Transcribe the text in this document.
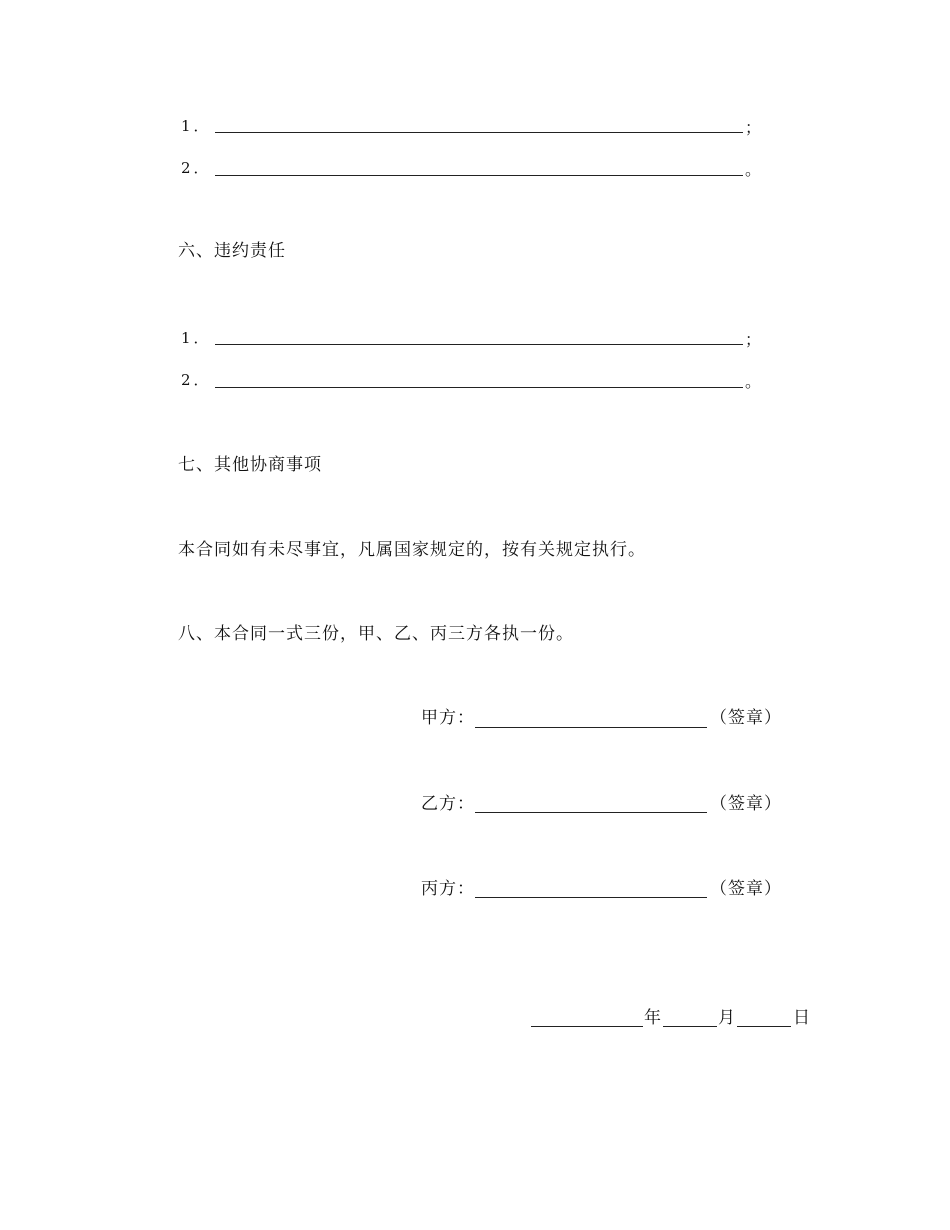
1．	；
2．	。
六、违约责任
1．	；
2．	。
七、其他协商事项
本合同如有未尽事宜，凡属国家规定的，按有关规定执行。
八、本合同一式三份，甲、乙、丙三方各执一份。
甲方：	（签章）
乙方：	（签章）
丙方：	（签章）
年	月	日
